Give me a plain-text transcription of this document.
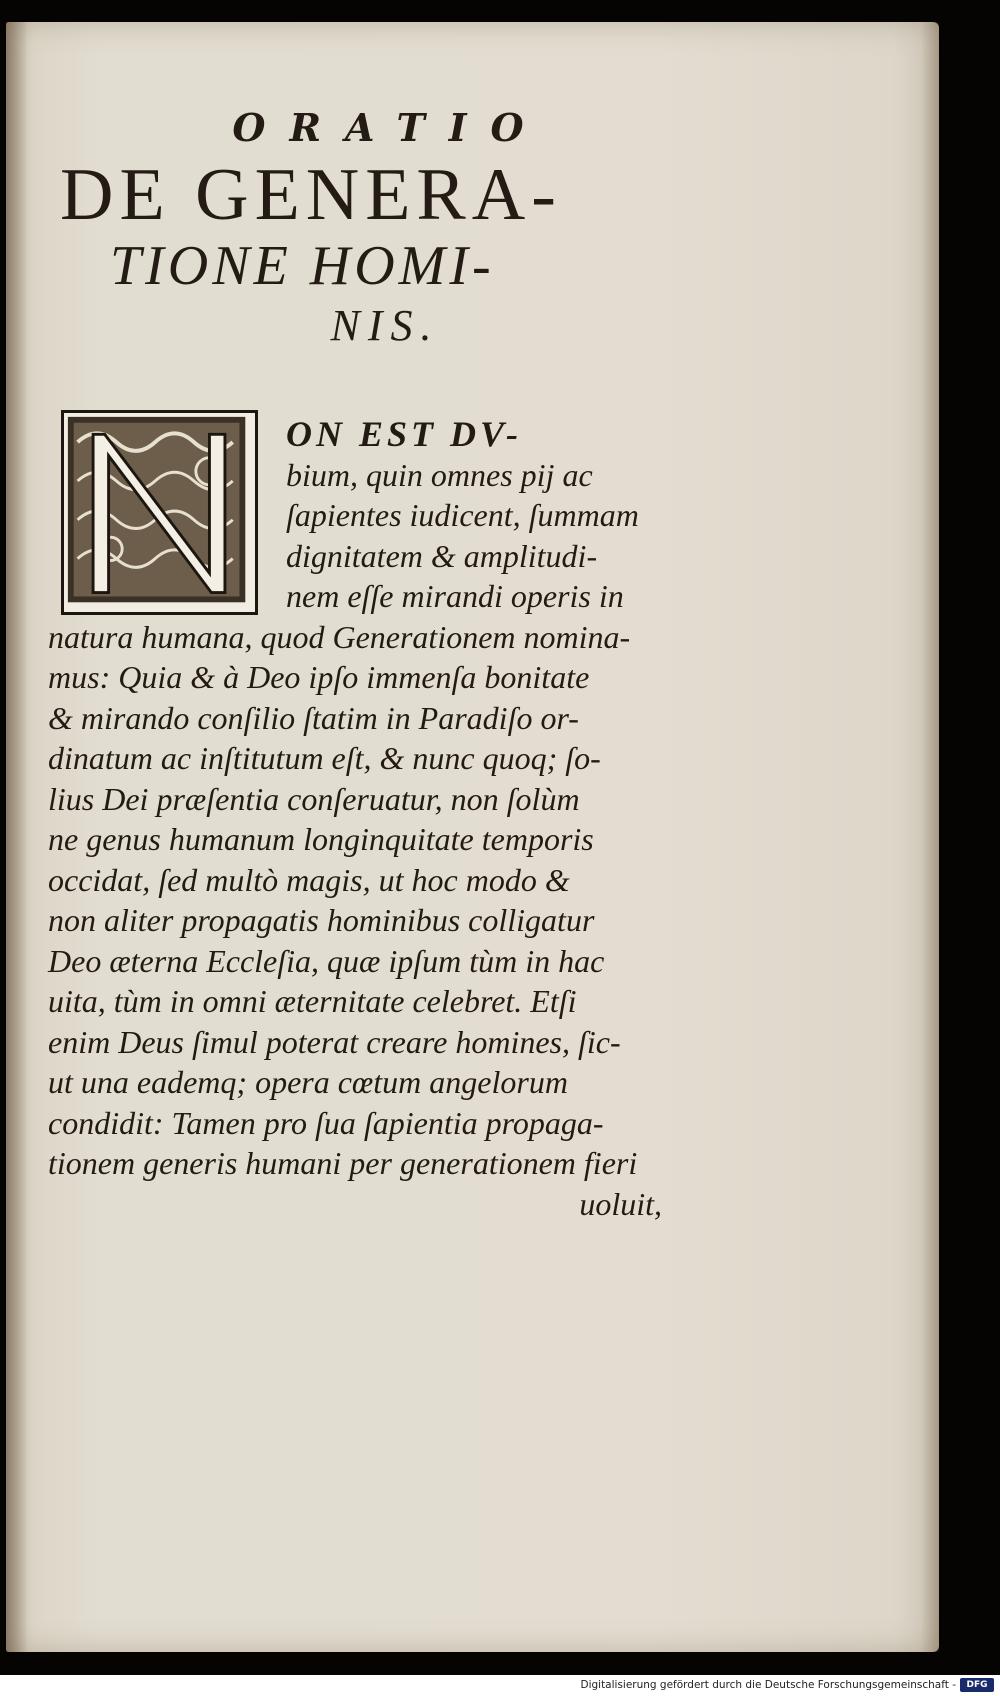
ORATIO
DE GENERA-
TIONE HOMI-
NIS.
ON EST DV-
bium, quin omnes pij ac
ſapientes iudicent, ſummam
dignitatem & amplitudi-
nem eſſe mirandi operis in
natura humana, quod Generationem nomina-
mus: Quia & à Deo ipſo immenſa bonitate
& mirando conſilio ſtatim in Paradiſo or-
dinatum ac inſtitutum eſt, & nunc quoq; ſo-
lius Dei præſentia conſeruatur, non ſolùm
ne genus humanum longinquitate temporis
occidat, ſed multò magis, ut hoc modo &
non aliter propagatis hominibus colligatur
Deo æterna Eccleſia, quæ ipſum tùm in hac
uita, tùm in omni æternitate celebret. Etſi
enim Deus ſimul poterat creare homines, ſic-
ut una eademq; opera cœtum angelorum
condidit: Tamen pro ſua ſapientia propaga-
tionem generis humani per generationem fieri
uoluit,
Digitalisierung gefördert durch die Deutsche Forschungsgemeinschaft -	DFG
